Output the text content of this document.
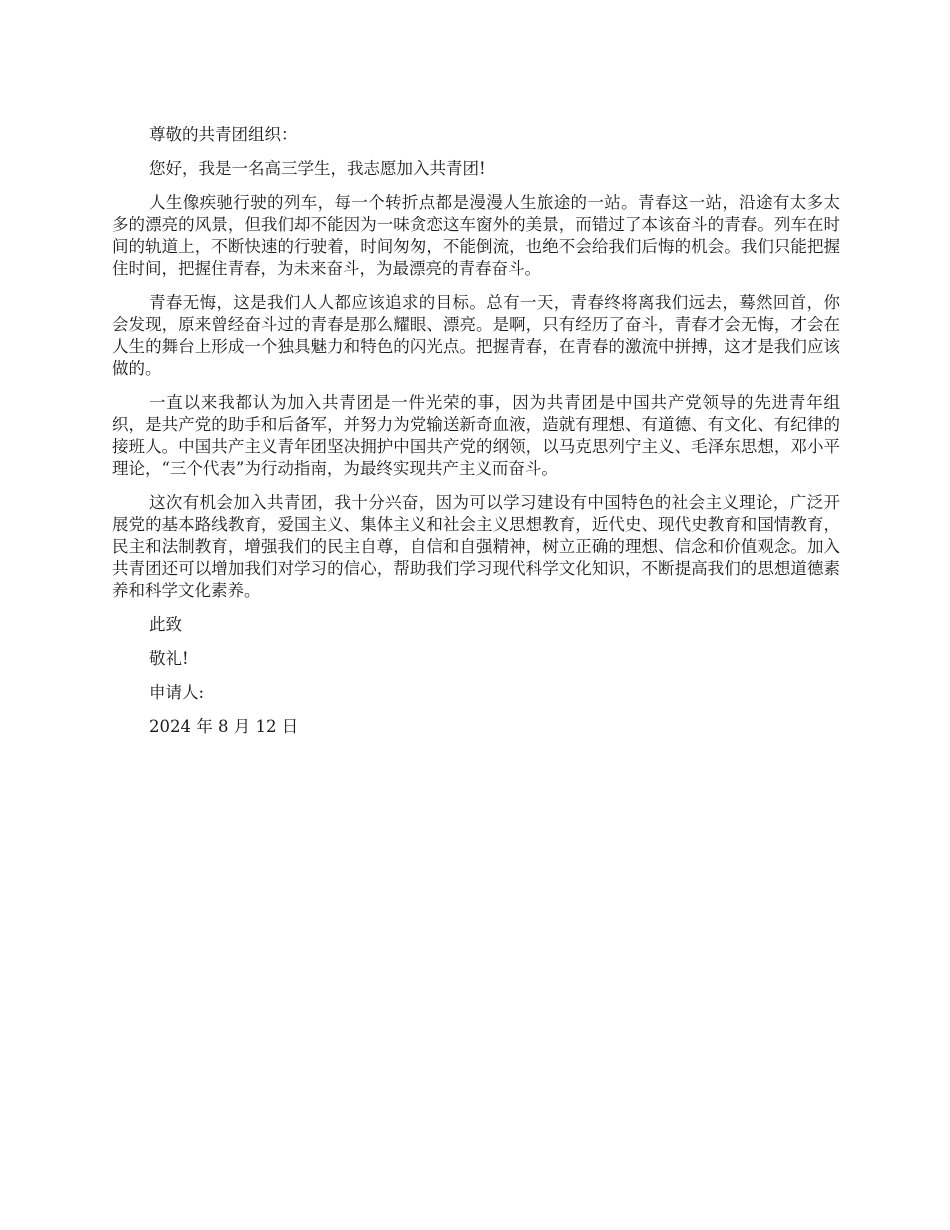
尊敬的共青团组织：

您好，我是一名高三学生，我志愿加入共青团!

人生像疾驰行驶的列车，每一个转折点都是漫漫人生旅途的一站。青春这一站，沿途有太多太多的漂亮的风景，但我们却不能因为一味贪恋这车窗外的美景，而错过了本该奋斗的青春。列车在时间的轨道上，不断快速的行驶着，时间匆匆，不能倒流，也绝不会给我们后悔的机会。我们只能把握住时间，把握住青春，为未来奋斗，为最漂亮的青春奋斗。

青春无悔，这是我们人人都应该追求的目标。总有一天，青春终将离我们远去，蓦然回首，你会发现，原来曾经奋斗过的青春是那么耀眼、漂亮。是啊，只有经历了奋斗，青春才会无悔，才会在人生的舞台上形成一个独具魅力和特色的闪光点。把握青春，在青春的激流中拼搏，这才是我们应该做的。

一直以来我都认为加入共青团是一件光荣的事，因为共青团是中国共产党领导的先进青年组织，是共产党的助手和后备军，并努力为党输送新奇血液，造就有理想、有道德、有文化、有纪律的接班人。中国共产主义青年团坚决拥护中国共产党的纲领，以马克思列宁主义、毛泽东思想，邓小平理论，“三个代表”为行动指南，为最终实现共产主义而奋斗。

这次有机会加入共青团，我十分兴奋，因为可以学习建设有中国特色的社会主义理论，广泛开展党的基本路线教育，爱国主义、集体主义和社会主义思想教育，近代史、现代史教育和国情教育，民主和法制教育，增强我们的民主自尊，自信和自强精神，树立正确的理想、信念和价值观念。加入共青团还可以增加我们对学习的信心，帮助我们学习现代科学文化知识，不断提高我们的思想道德素养和科学文化素养。

此致

敬礼!

申请人:

2024 年 8 月 12 日
